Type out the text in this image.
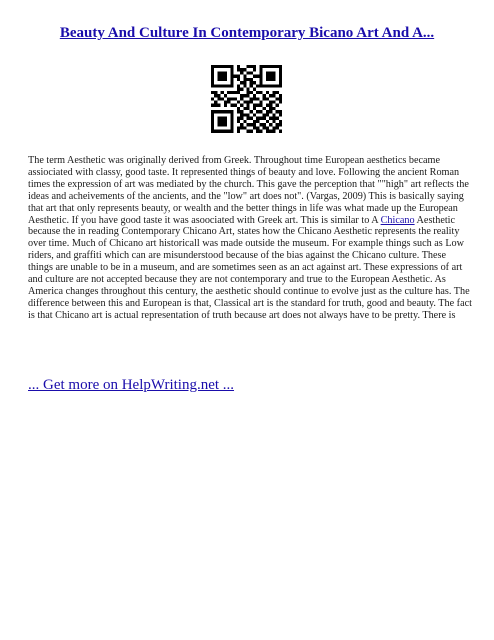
Beauty And Culture In Contemporary Bicano Art And A...
The term Aesthetic was originally derived from Greek. Throughout time European aesthetics became assiociated with classy, good taste. It represented things of beauty and love. Following the ancient Roman times the expression of art was mediated by the church. This gave the perception that ""high" art reflects the ideas and acheivements of the ancients, and the "low" art does not". (Vargas, 2009) This is basically saying that art that only represents beauty, or wealth and the better things in life was what made up the European Aesthetic. If you have good taste it was asoociated with Greek art. This is similar to A Chicano Aesthetic because the in reading Contemporary Chicano Art, states how the Chicano Aesthetic represents the reality over time. Much of Chicano art historicall was made outside the museum. For example things such as Low riders, and graffiti which can are misunderstood because of the bias against the Chicano culture. These things are unable to be in a museum, and are sometimes seen as an act against art. These expressions of art and culture are not accepted because they are not contemporary and true to the European Aesthetic. As America changes throughout this century, the aesthetic should continue to evolve just as the culture has. The difference between this and European is that, Classical art is the standard for truth, good and beauty. The fact is that Chicano art is actual representation of truth because art does not always have to be pretty. There is
... Get more on HelpWriting.net ...
